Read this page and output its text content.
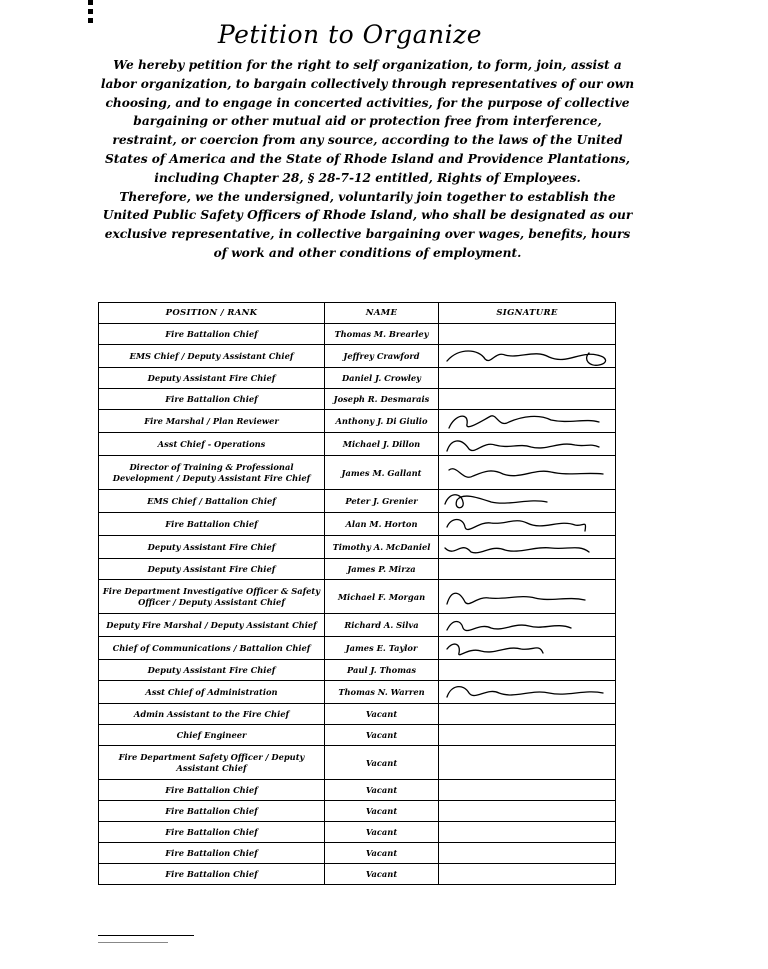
Petition to Organize

We hereby petition for the right to self organization, to form, join, assist a labor organization, to bargain collectively through representatives of our own choosing, and to engage in concerted activities, for the purpose of collective bargaining or other mutual aid or protection free from interference, restraint, or coercion from any source, according to the laws of the United States of America and the State of Rhode Island and Providence Plantations, including Chapter 28, § 28-7-12 entitled, Rights of Employees.

Therefore, we the undersigned, voluntarily join together to establish the United Public Safety Officers of Rhode Island, who shall be designated as our exclusive representative, in collective bargaining over wages, benefits, hours of work and other conditions of employment.

POSITION / RANK	NAME	SIGNATURE
Fire Battalion Chief	Thomas M. Brearley	
EMS Chief / Deputy Assistant Chief	Jeffrey Crawford	

Deputy Assistant Fire Chief	Daniel J. Crowley	
Fire Battalion Chief	Joseph R. Desmarais	
Fire Marshal / Plan Reviewer	Anthony J. Di Giulio	

Asst Chief - Operations	Michael J. Dillon	

Director of Training & Professional Development / Deputy Assistant Fire Chief	James M. Gallant	

EMS Chief / Battalion Chief	Peter J. Grenier	

Fire Battalion Chief	Alan M. Horton	

Deputy Assistant Fire Chief	Timothy A. McDaniel	

Deputy Assistant Fire Chief	James P. Mirza	
Fire Department Investigative Officer & Safety Officer / Deputy Assistant Chief	Michael F. Morgan	

Deputy Fire Marshal / Deputy Assistant Chief	Richard A. Silva	

Chief of Communications / Battalion Chief	James E. Taylor	

Deputy Assistant Fire Chief	Paul J. Thomas	
Asst Chief of Administration	Thomas N. Warren	

Admin Assistant to the Fire Chief	Vacant	
Chief Engineer	Vacant	
Fire Department Safety Officer / Deputy Assistant Chief	Vacant	
Fire Battalion Chief	Vacant	
Fire Battalion Chief	Vacant	
Fire Battalion Chief	Vacant	
Fire Battalion Chief	Vacant	
Fire Battalion Chief	Vacant	
